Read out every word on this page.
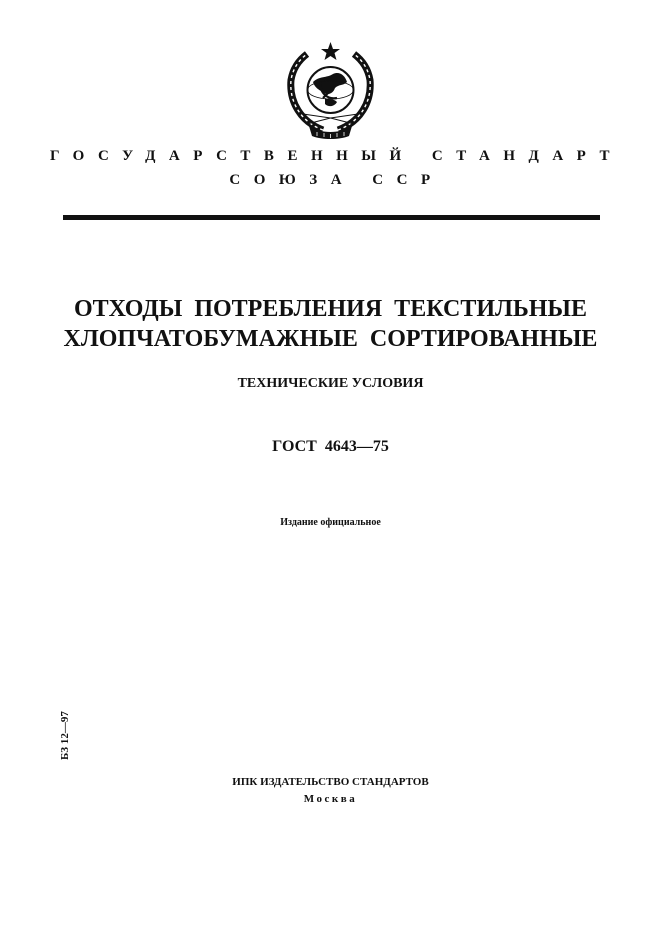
ГОСУДАРСТВЕННЫЙ СТАНДАРТ
СОЮЗА ССР
ОТХОДЫ ПОТРЕБЛЕНИЯ ТЕКСТИЛЬНЫЕ
ХЛОПЧАТОБУМАЖНЫЕ СОРТИРОВАННЫЕ
ТЕХНИЧЕСКИЕ УСЛОВИЯ
ГОСТ 4643—75
Издание официальное
БЗ 12—97
ИПК ИЗДАТЕЛЬСТВО СТАНДАРТОВ
Москва
